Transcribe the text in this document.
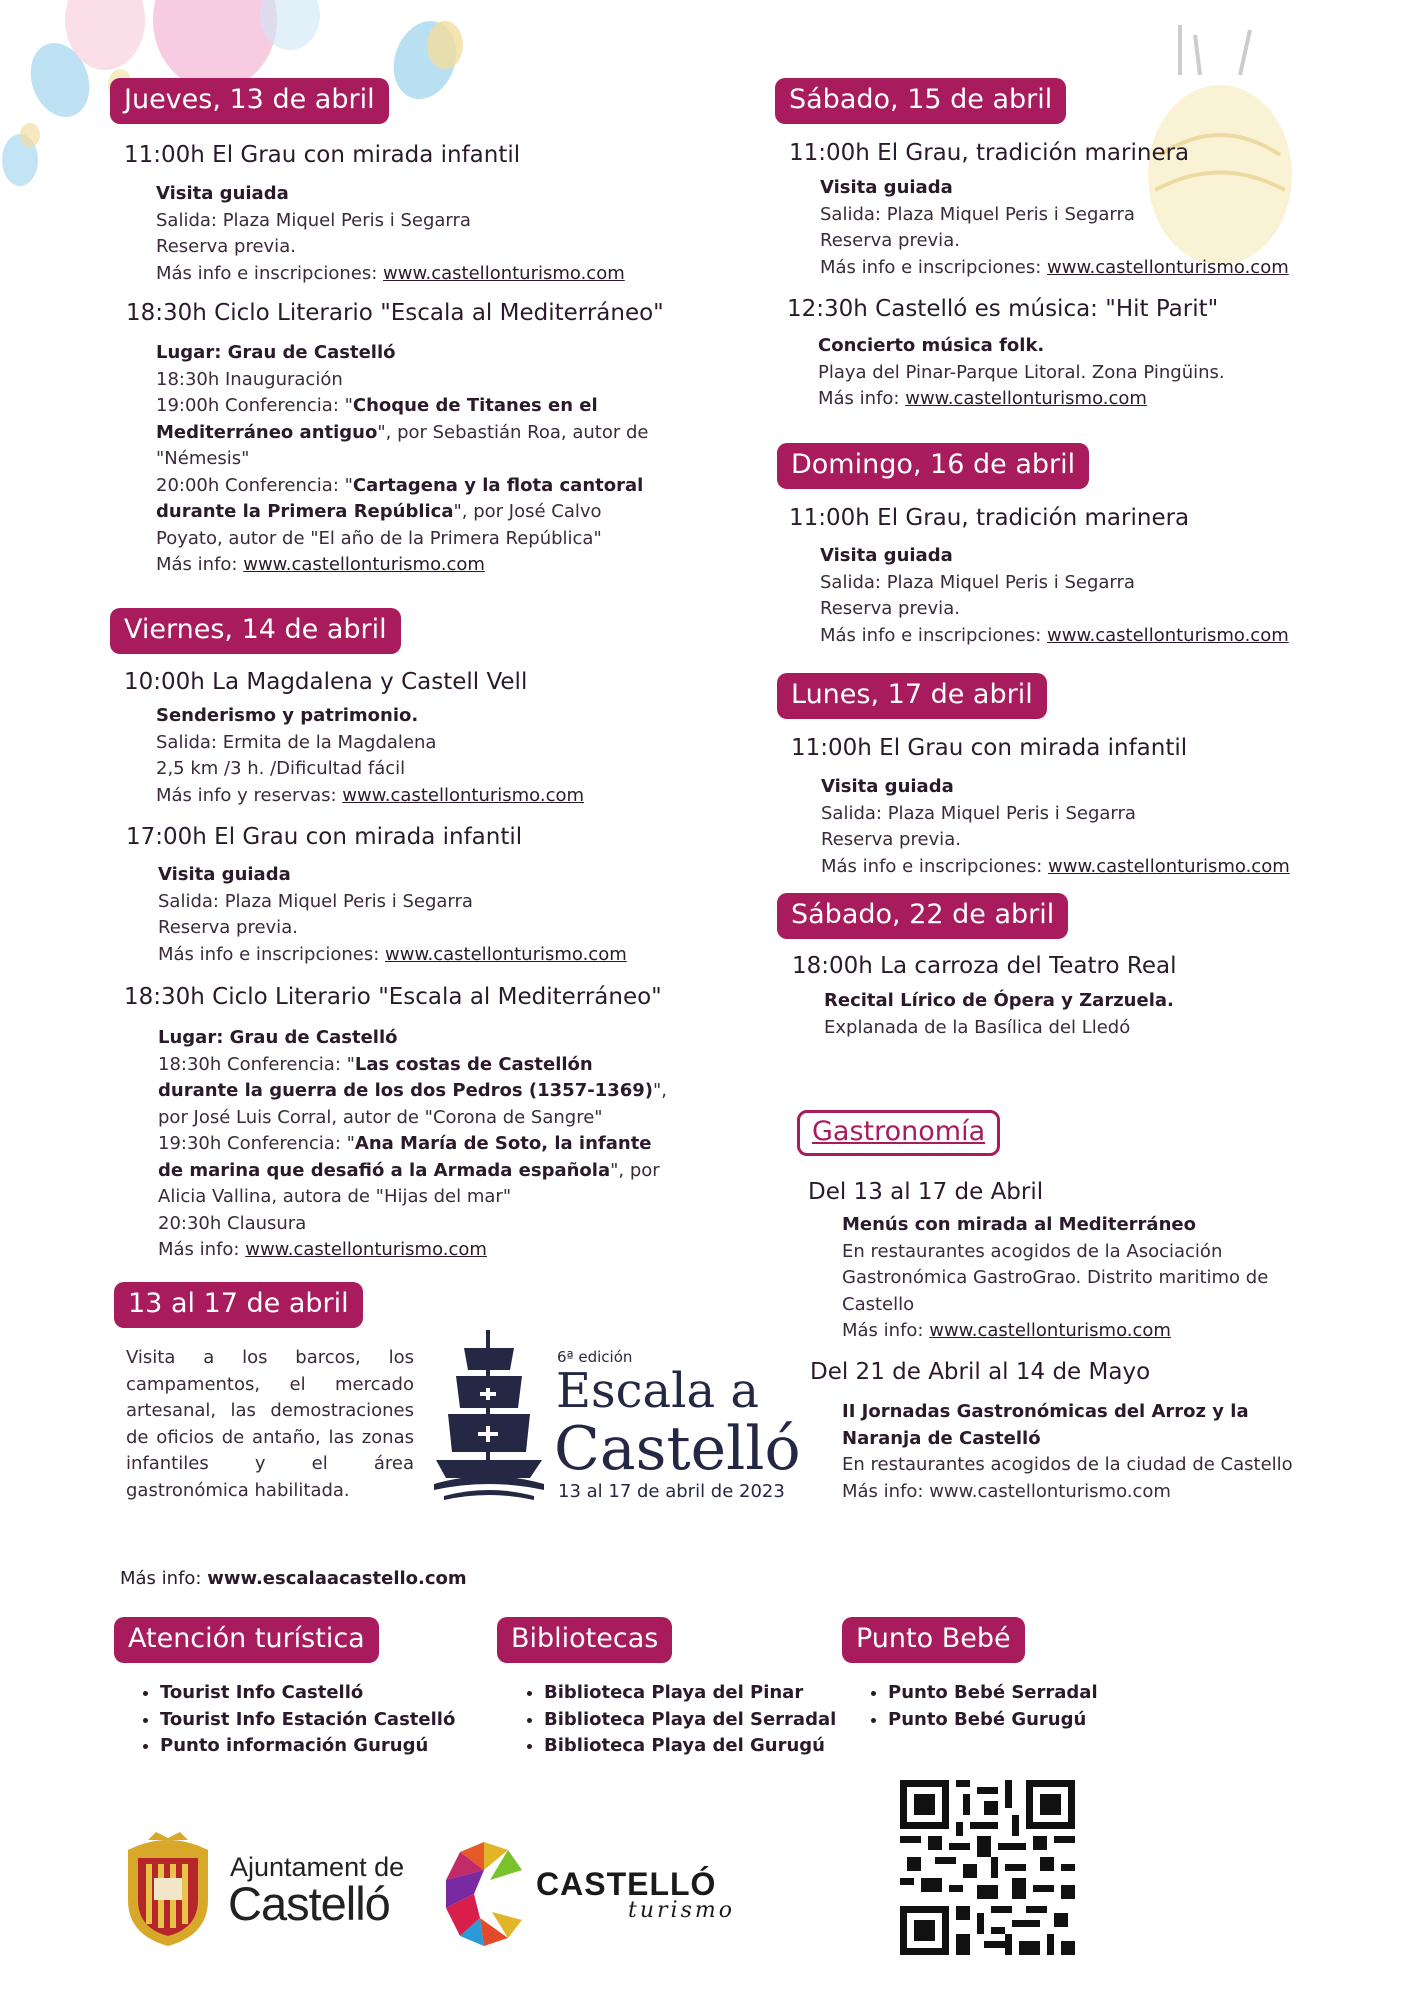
Jueves, 13 de abril
11:00h El Grau con mirada infantil
Visita guiada
Salida: Plaza Miquel Peris i Segarra
Reserva previa.
Más info e inscripciones: www.castellonturismo.com
18:30h Ciclo Literario "Escala al Mediterráneo"
Lugar: Grau de Castelló
18:30h Inauguración
19:00h Conferencia: "Choque de Titanes en el Mediterráneo antiguo", por Sebastián Roa, autor de "Némesis"
20:00h Conferencia: "Cartagena y la flota cantoral durante la Primera República", por José Calvo Poyato, autor de "El año de la Primera República"
Más info: www.castellonturismo.com
Viernes, 14 de abril
10:00h La Magdalena y Castell Vell
Senderismo y patrimonio.
Salida: Ermita de la Magdalena
2,5 km /3 h. /Dificultad fácil
Más info y reservas: www.castellonturismo.com
17:00h El Grau con mirada infantil
Visita guiada
Salida: Plaza Miquel Peris i Segarra
Reserva previa.
Más info e inscripciones: www.castellonturismo.com
18:30h Ciclo Literario "Escala al Mediterráneo"
Lugar: Grau de Castelló
18:30h Conferencia: "Las costas de Castellón durante la guerra de los dos Pedros (1357-1369)", por José Luis Corral, autor de "Corona de Sangre"
19:30h Conferencia: "Ana María de Soto, la infante de marina que desafió a la Armada española", por Alicia Vallina, autora de "Hijas del mar"
20:30h Clausura
Más info: www.castellonturismo.com
13 al 17 de abril
Visita a los barcos, los campamentos, el mercado artesanal, las demostraciones de oficios de antaño, las zonas infantiles y el área gastronómica habilitada.
6ª edición
Escala a
Castelló
13 al 17 de abril de 2023
Más info: www.escalaacastello.com
Sábado, 15 de abril
11:00h El Grau, tradición marinera
Visita guiada
Salida: Plaza Miquel Peris i Segarra
Reserva previa.
Más info e inscripciones: www.castellonturismo.com
12:30h Castelló es música: "Hit Parit"
Concierto música folk.
Playa del Pinar-Parque Litoral. Zona Pingüins.
Más info: www.castellonturismo.com
Domingo, 16 de abril
11:00h El Grau, tradición marinera
Visita guiada
Salida: Plaza Miquel Peris i Segarra
Reserva previa.
Más info e inscripciones: www.castellonturismo.com
Lunes, 17 de abril
11:00h El Grau con mirada infantil
Visita guiada
Salida: Plaza Miquel Peris i Segarra
Reserva previa.
Más info e inscripciones: www.castellonturismo.com
Sábado, 22 de abril
18:00h La carroza del Teatro Real
Recital Lírico de Ópera y Zarzuela.
Explanada de la Basílica del Lledó
Gastronomía
Del 13 al 17 de Abril
Menús con mirada al Mediterráneo
En restaurantes acogidos de la Asociación Gastronómica GastroGrao. Distrito maritimo de Castello
Más info: www.castellonturismo.com
Del 21 de Abril al 14 de Mayo
II Jornadas Gastronómicas del Arroz y la Naranja de Castelló
En restaurantes acogidos de la ciudad de Castello
Más info: www.castellonturismo.com
Atención turística
• Tourist Info Castelló
• Tourist Info Estación Castelló
• Punto información Gurugú
Bibliotecas
• Biblioteca Playa del Pinar
• Biblioteca Playa del Serradal
• Biblioteca Playa del Gurugú
Punto Bebé
• Punto Bebé Serradal
• Punto Bebé Gurugú
Ajuntament de
Castelló	CASTELLÓ
turismo
